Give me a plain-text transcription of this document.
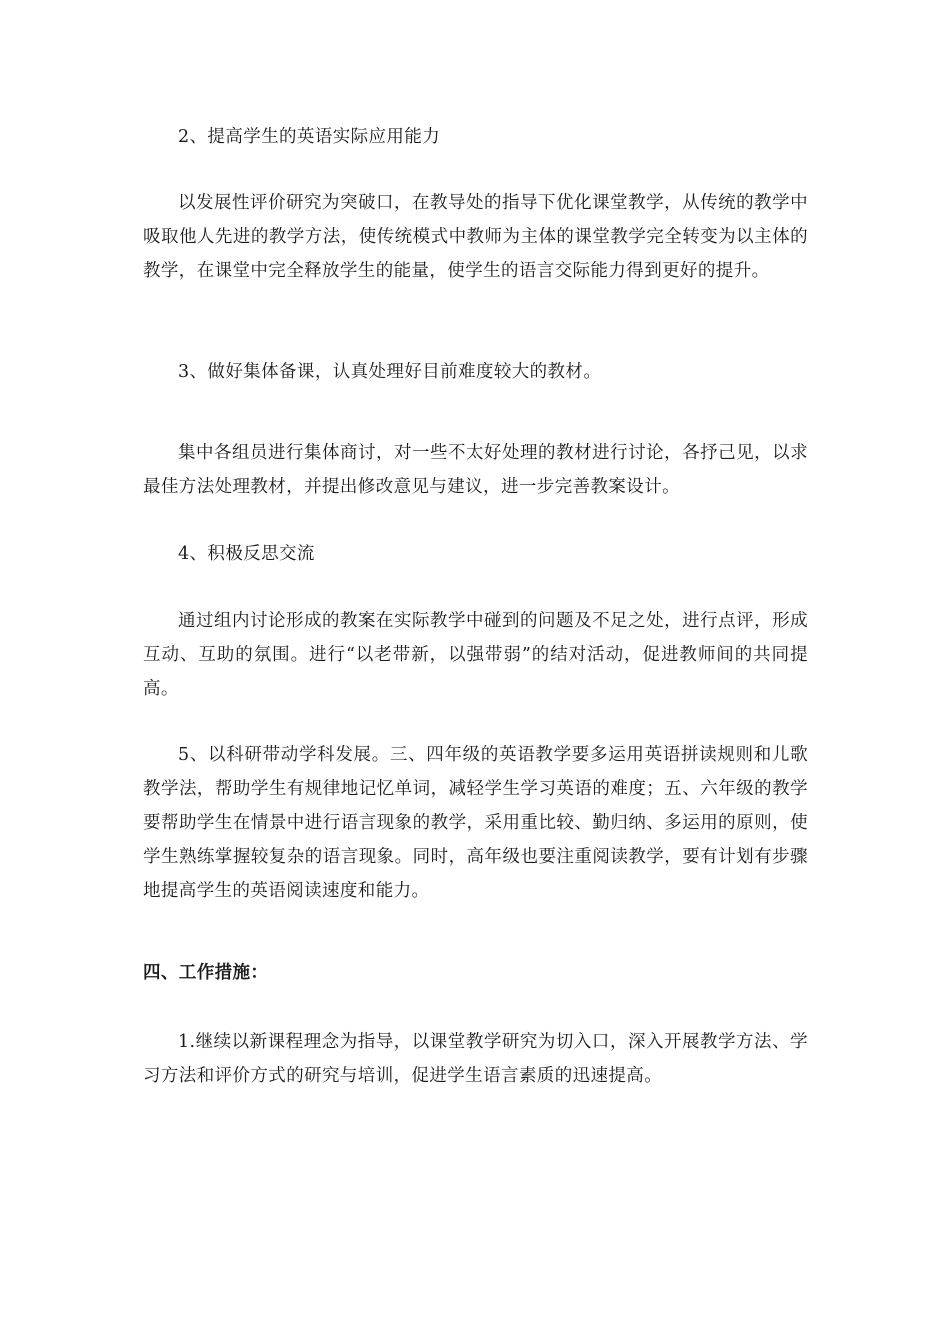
2、提高学生的英语实际应用能力

以发展性评价研究为突破口，在教导处的指导下优化课堂教学，从传统的教学中吸取他人先进的教学方法，使传统模式中教师为主体的课堂教学完全转变为以主体的教学，在课堂中完全释放学生的能量，使学生的语言交际能力得到更好的提升。

3、做好集体备课，认真处理好目前难度较大的教材。

集中各组员进行集体商讨，对一些不太好处理的教材进行讨论，各抒己见，以求最佳方法处理教材，并提出修改意见与建议，进一步完善教案设计。

4、积极反思交流

通过组内讨论形成的教案在实际教学中碰到的问题及不足之处，进行点评，形成互动、互助的氛围。进行“以老带新，以强带弱”的结对活动，促进教师间的共同提高。

5、以科研带动学科发展。三、四年级的英语教学要多运用英语拼读规则和儿歌教学法，帮助学生有规律地记忆单词，减轻学生学习英语的难度；五、六年级的教学要帮助学生在情景中进行语言现象的教学，采用重比较、勤归纳、多运用的原则，使学生熟练掌握较复杂的语言现象。同时，高年级也要注重阅读教学，要有计划有步骤地提高学生的英语阅读速度和能力。

四、工作措施：

1.继续以新课程理念为指导，以课堂教学研究为切入口，深入开展教学方法、学习方法和评价方式的研究与培训，促进学生语言素质的迅速提高。
